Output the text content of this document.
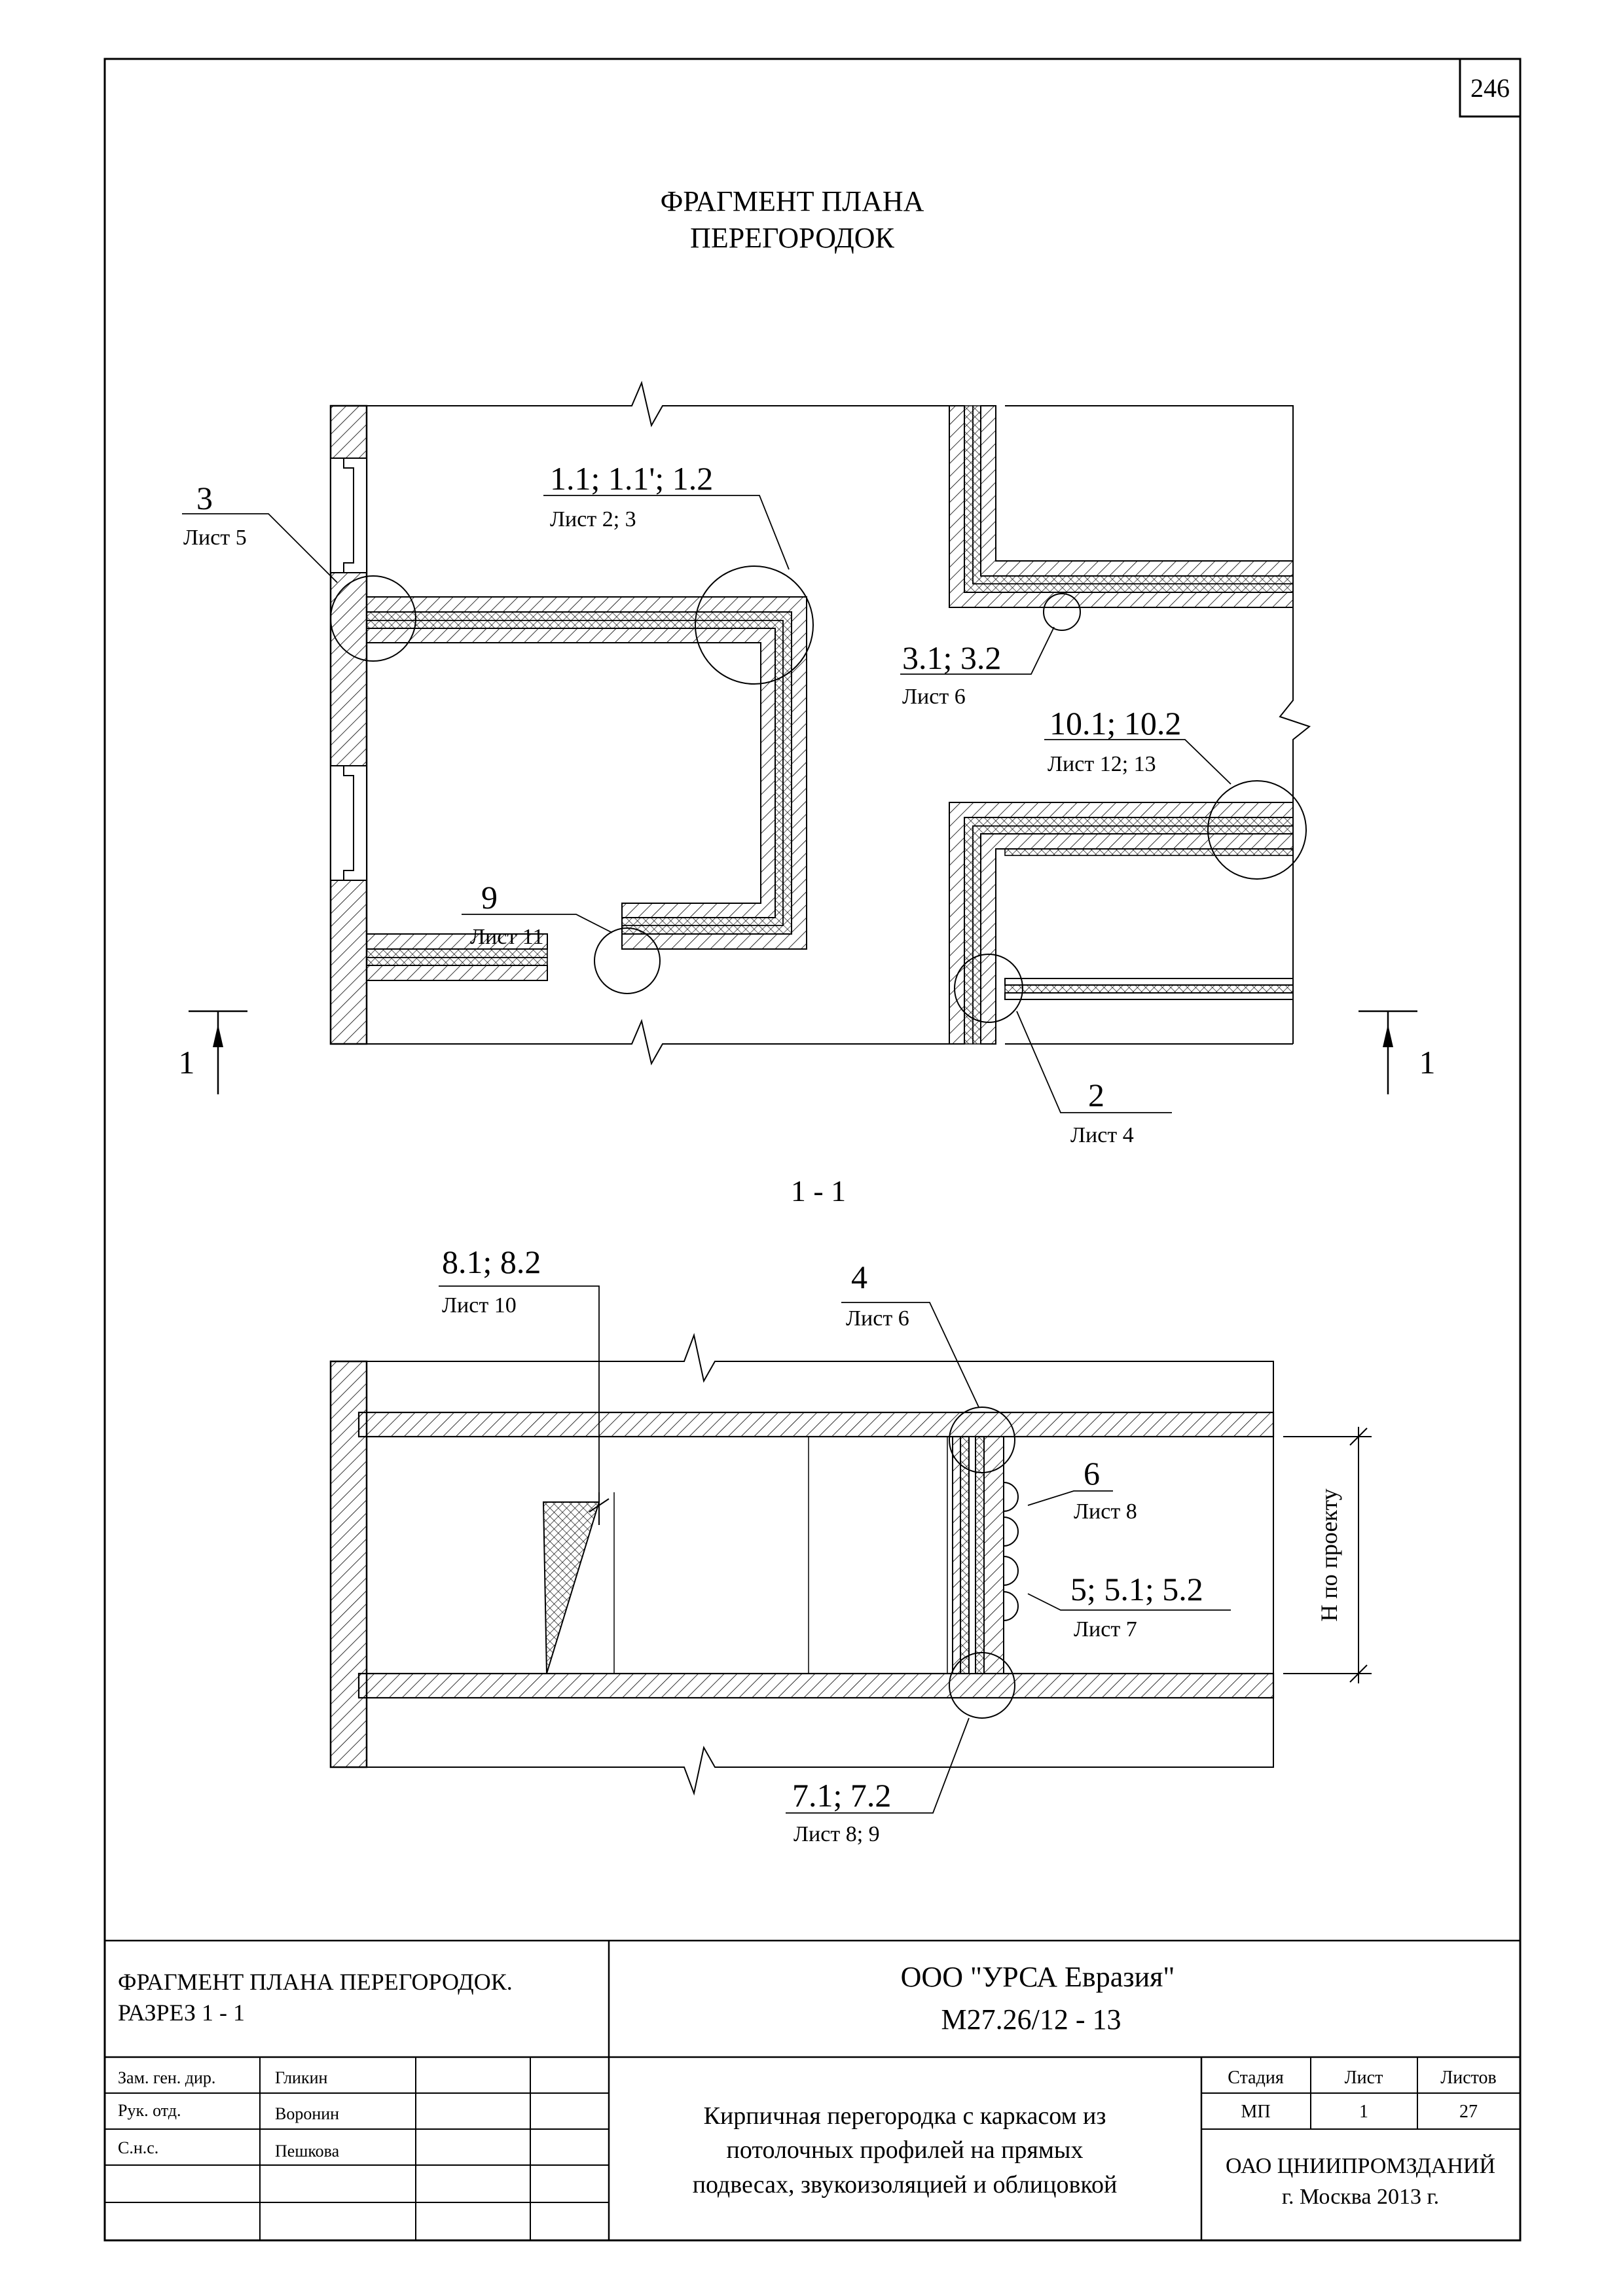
246
ФРАГМЕНТ ПЛАНА
ПЕРЕГОРОДОК
3
Лист 5
1.1; 1.1'; 1.2
Лист 2; 3
3.1; 3.2
Лист 6
10.1; 10.2
Лист 12; 13
9
Лист 11
2
Лист 4
1	1
1 - 1
Н по проекту
8.1; 8.2
Лист 10
4
Лист 6
6
Лист 8
5; 5.1; 5.2
Лист 7
7.1; 7.2
Лист 8; 9
ФРАГМЕНТ ПЛАНА ПЕРЕГОРОДОК.
РАЗРЕЗ 1 - 1
ООО "УРСА Евразия"
М27.26/12 - 13
Зам. ген. дир.	Гликин
Рук. отд.	Воронин
С.н.с.	Пешкова
Кирпичная перегородка с каркасом из
потолочных профилей на прямых
подвесах, звукоизоляцией и облицовкой
Стадия	Лист	Листов
МП	1	27
ОАО ЦНИИПРОМЗДАНИЙ
г. Москва 2013 г.
